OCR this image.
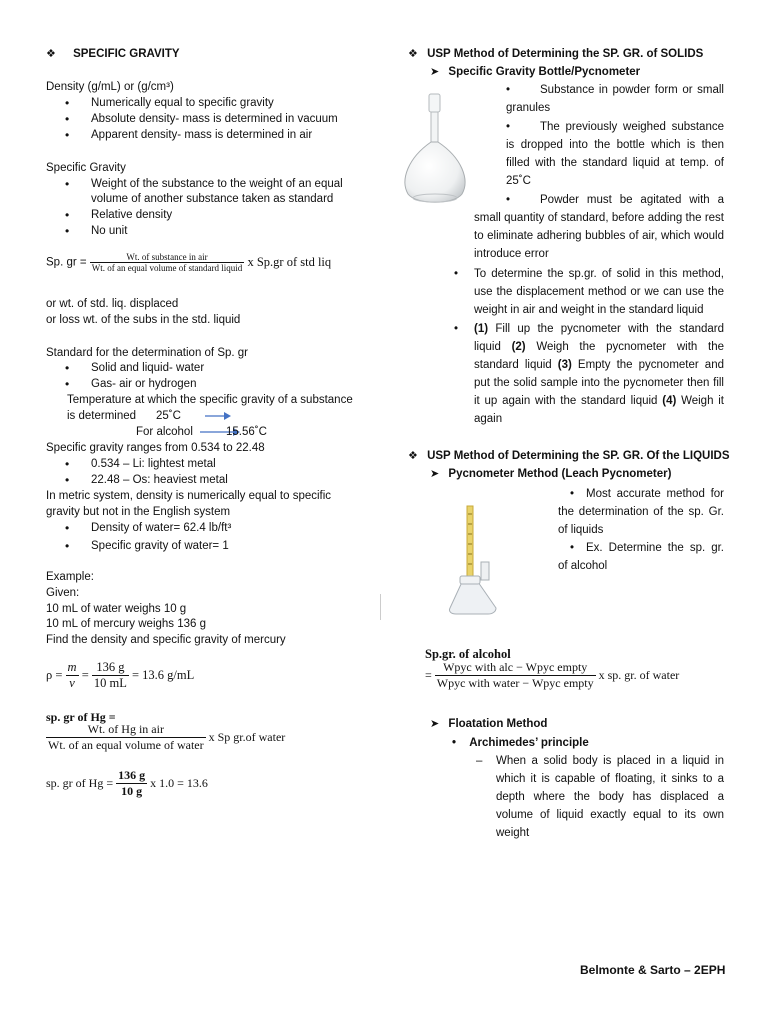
❖ SPECIFIC GRAVITY
Density (g/mL) or (g/cm³)
• Numerically equal to specific gravity
• Absolute density- mass is determined in vacuum
• Apparent density- mass is determined in air
Specific Gravity
• Weight of the substance to the weight of an equal
volume of another substance taken as standard
• Relative density
• No unit
Sp. gr = $\frac{\text{Wt. of substance in air}}{\text{Wt. of an equal volume of standard liquid}}$ x Sp.gr of std liq
or wt. of std. liq. displaced
or loss wt. of the subs in the std. liquid
Standard for the determination of Sp. gr
• Solid and liquid- water
• Gas- air or hydrogen
Temperature at which the specific gravity of a substance
is determined 25˚C
For alcohol	15.56˚C
Specific gravity ranges from 0.534 to 22.48
• 0.534 – Li: lightest metal
• 22.48 – Os: heaviest metal
In metric system, density is numerically equal to specific
gravity but not in the English system
• Density of water= 62.4 lb/ft³
• Specific gravity of water= 1
Example:
Given:
10 mL of water weighs 10 g
10 mL of mercury weighs 136 g
Find the density and specific gravity of mercury
$\rho = \frac{m}{v} = \frac{136 g}{10 mL} = 13.6$ g/mL
sp. gr of Hg =
$\frac{\text{Wt. of Hg in air}}{\text{Wt. of an equal volume of water}}$ x Sp gr.of water
sp. gr of $Hg = \frac{136 g}{10 g}$ x 1.0 = 13.6
❖ USP Method of Determining the SP. GR. of SOLIDS
➤ Specific Gravity Bottle/Pycnometer
•	Substance in powder form or small granules
•	The previously weighed substance is dropped into the bottle which is then filled with the standard liquid at temp. of 25˚C
•	Powder must be agitated with a small quantity of standard, before adding the rest to eliminate adhering bubbles of air, which would introduce error
• To determine the sp.gr. of solid in this method, use the displacement method or we can use the weight in air and weight in the standard liquid
• (1) Fill up the pycnometer with the standard liquid (2) Weigh the pycnometer with the standard liquid (3) Empty the pycnometer and put the solid sample into the pycnometer then fill it up again with the standard liquid (4) Weigh it again
❖ USP Method of Determining the SP. GR. Of the LIQUIDS
➤ Pycnometer Method (Leach Pycnometer)
•	Most accurate method for the determination of the sp. Gr. of liquids
•	Ex. Determine the sp. gr. of alcohol
Sp.gr. of alcohol
= $\frac{\text{Wpyc with alc − Wpyc empty}}{\text{Wpyc with water − Wpyc empty}}$ x sp. gr. of water
➤ Floatation Method
• Archimedes’ principle
– When a solid body is placed in a liquid in which it is capable of floating, it sinks to a depth where the body has displaced a volume of liquid exactly equal to its own weight
Belmonte & Sarto – 2EPH
